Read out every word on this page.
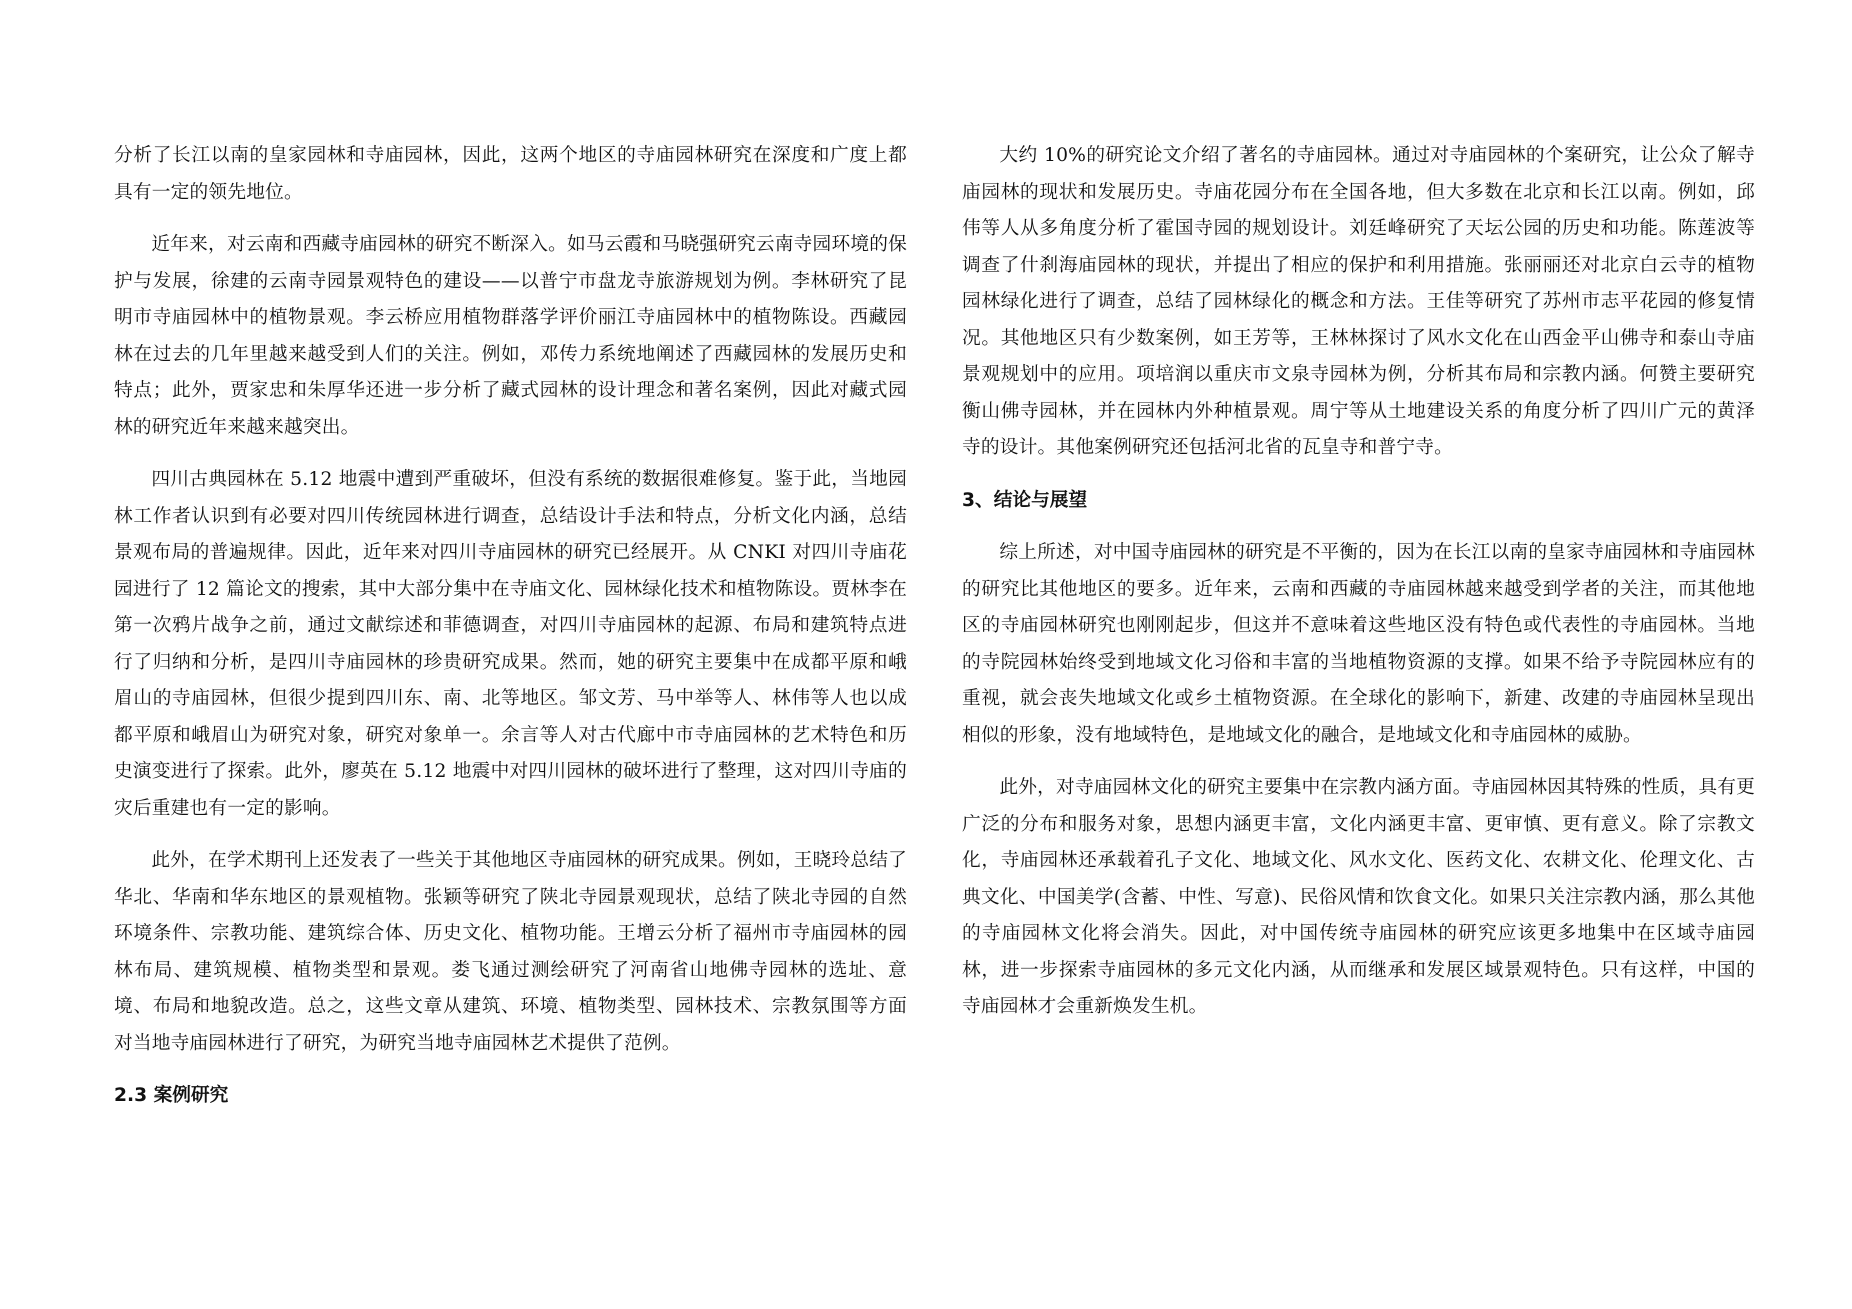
分析了长江以南的皇家园林和寺庙园林，因此，这两个地区的寺庙园林研究在深度和广度上都具有一定的领先地位。

近年来，对云南和西藏寺庙园林的研究不断深入。如马云霞和马晓强研究云南寺园环境的保护与发展，徐建的云南寺园景观特色的建设——以普宁市盘龙寺旅游规划为例。李林研究了昆明市寺庙园林中的植物景观。李云桥应用植物群落学评价丽江寺庙园林中的植物陈设。西藏园林在过去的几年里越来越受到人们的关注。例如，邓传力系统地阐述了西藏园林的发展历史和特点；此外，贾家忠和朱厚华还进一步分析了藏式园林的设计理念和著名案例，因此对藏式园林的研究近年来越来越突出。

四川古典园林在 5.12 地震中遭到严重破坏，但没有系统的数据很难修复。鉴于此，当地园林工作者认识到有必要对四川传统园林进行调查，总结设计手法和特点，分析文化内涵，总结景观布局的普遍规律。因此，近年来对四川寺庙园林的研究已经展开。从 CNKI 对四川寺庙花园进行了 12 篇论文的搜索，其中大部分集中在寺庙文化、园林绿化技术和植物陈设。贾林李在第一次鸦片战争之前，通过文献综述和菲德调查，对四川寺庙园林的起源、布局和建筑特点进行了归纳和分析，是四川寺庙园林的珍贵研究成果。然而，她的研究主要集中在成都平原和峨眉山的寺庙园林，但很少提到四川东、南、北等地区。邹文芳、马中举等人、林伟等人也以成都平原和峨眉山为研究对象，研究对象单一。余言等人对古代廊中市寺庙园林的艺术特色和历史演变进行了探索。此外，廖英在 5.12 地震中对四川园林的破坏进行了整理，这对四川寺庙的灾后重建也有一定的影响。

此外，在学术期刊上还发表了一些关于其他地区寺庙园林的研究成果。例如，王晓玲总结了华北、华南和华东地区的景观植物。张颖等研究了陕北寺园景观现状，总结了陕北寺园的自然环境条件、宗教功能、建筑综合体、历史文化、植物功能。王增云分析了福州市寺庙园林的园林布局、建筑规模、植物类型和景观。娄飞通过测绘研究了河南省山地佛寺园林的选址、意境、布局和地貌改造。总之，这些文章从建筑、环境、植物类型、园林技术、宗教氛围等方面对当地寺庙园林进行了研究，为研究当地寺庙园林艺术提供了范例。

2.3 案例研究

大约 10%的研究论文介绍了著名的寺庙园林。通过对寺庙园林的个案研究，让公众了解寺庙园林的现状和发展历史。寺庙花园分布在全国各地，但大多数在北京和长江以南。例如，邱伟等人从多角度分析了霍国寺园的规划设计。刘廷峰研究了天坛公园的历史和功能。陈莲波等调查了什刹海庙园林的现状，并提出了相应的保护和利用措施。张丽丽还对北京白云寺的植物园林绿化进行了调查，总结了园林绿化的概念和方法。王佳等研究了苏州市志平花园的修复情况。其他地区只有少数案例，如王芳等，王林林探讨了风水文化在山西金平山佛寺和泰山寺庙景观规划中的应用。项培润以重庆市文泉寺园林为例，分析其布局和宗教内涵。何赞主要研究衡山佛寺园林，并在园林内外种植景观。周宁等从土地建设关系的角度分析了四川广元的黄泽寺的设计。其他案例研究还包括河北省的瓦皇寺和普宁寺。

3、结论与展望

综上所述，对中国寺庙园林的研究是不平衡的，因为在长江以南的皇家寺庙园林和寺庙园林的研究比其他地区的要多。近年来，云南和西藏的寺庙园林越来越受到学者的关注，而其他地区的寺庙园林研究也刚刚起步，但这并不意味着这些地区没有特色或代表性的寺庙园林。当地的寺院园林始终受到地域文化习俗和丰富的当地植物资源的支撑。如果不给予寺院园林应有的重视，就会丧失地域文化或乡土植物资源。在全球化的影响下，新建、改建的寺庙园林呈现出相似的形象，没有地域特色，是地域文化的融合，是地域文化和寺庙园林的威胁。

此外，对寺庙园林文化的研究主要集中在宗教内涵方面。寺庙园林因其特殊的性质，具有更广泛的分布和服务对象，思想内涵更丰富，文化内涵更丰富、更审慎、更有意义。除了宗教文化，寺庙园林还承载着孔子文化、地域文化、风水文化、医药文化、农耕文化、伦理文化、古典文化、中国美学(含蓄、中性、写意)、民俗风情和饮食文化。如果只关注宗教内涵，那么其他的寺庙园林文化将会消失。因此，对中国传统寺庙园林的研究应该更多地集中在区域寺庙园林，进一步探索寺庙园林的多元文化内涵，从而继承和发展区域景观特色。只有这样，中国的寺庙园林才会重新焕发生机。
